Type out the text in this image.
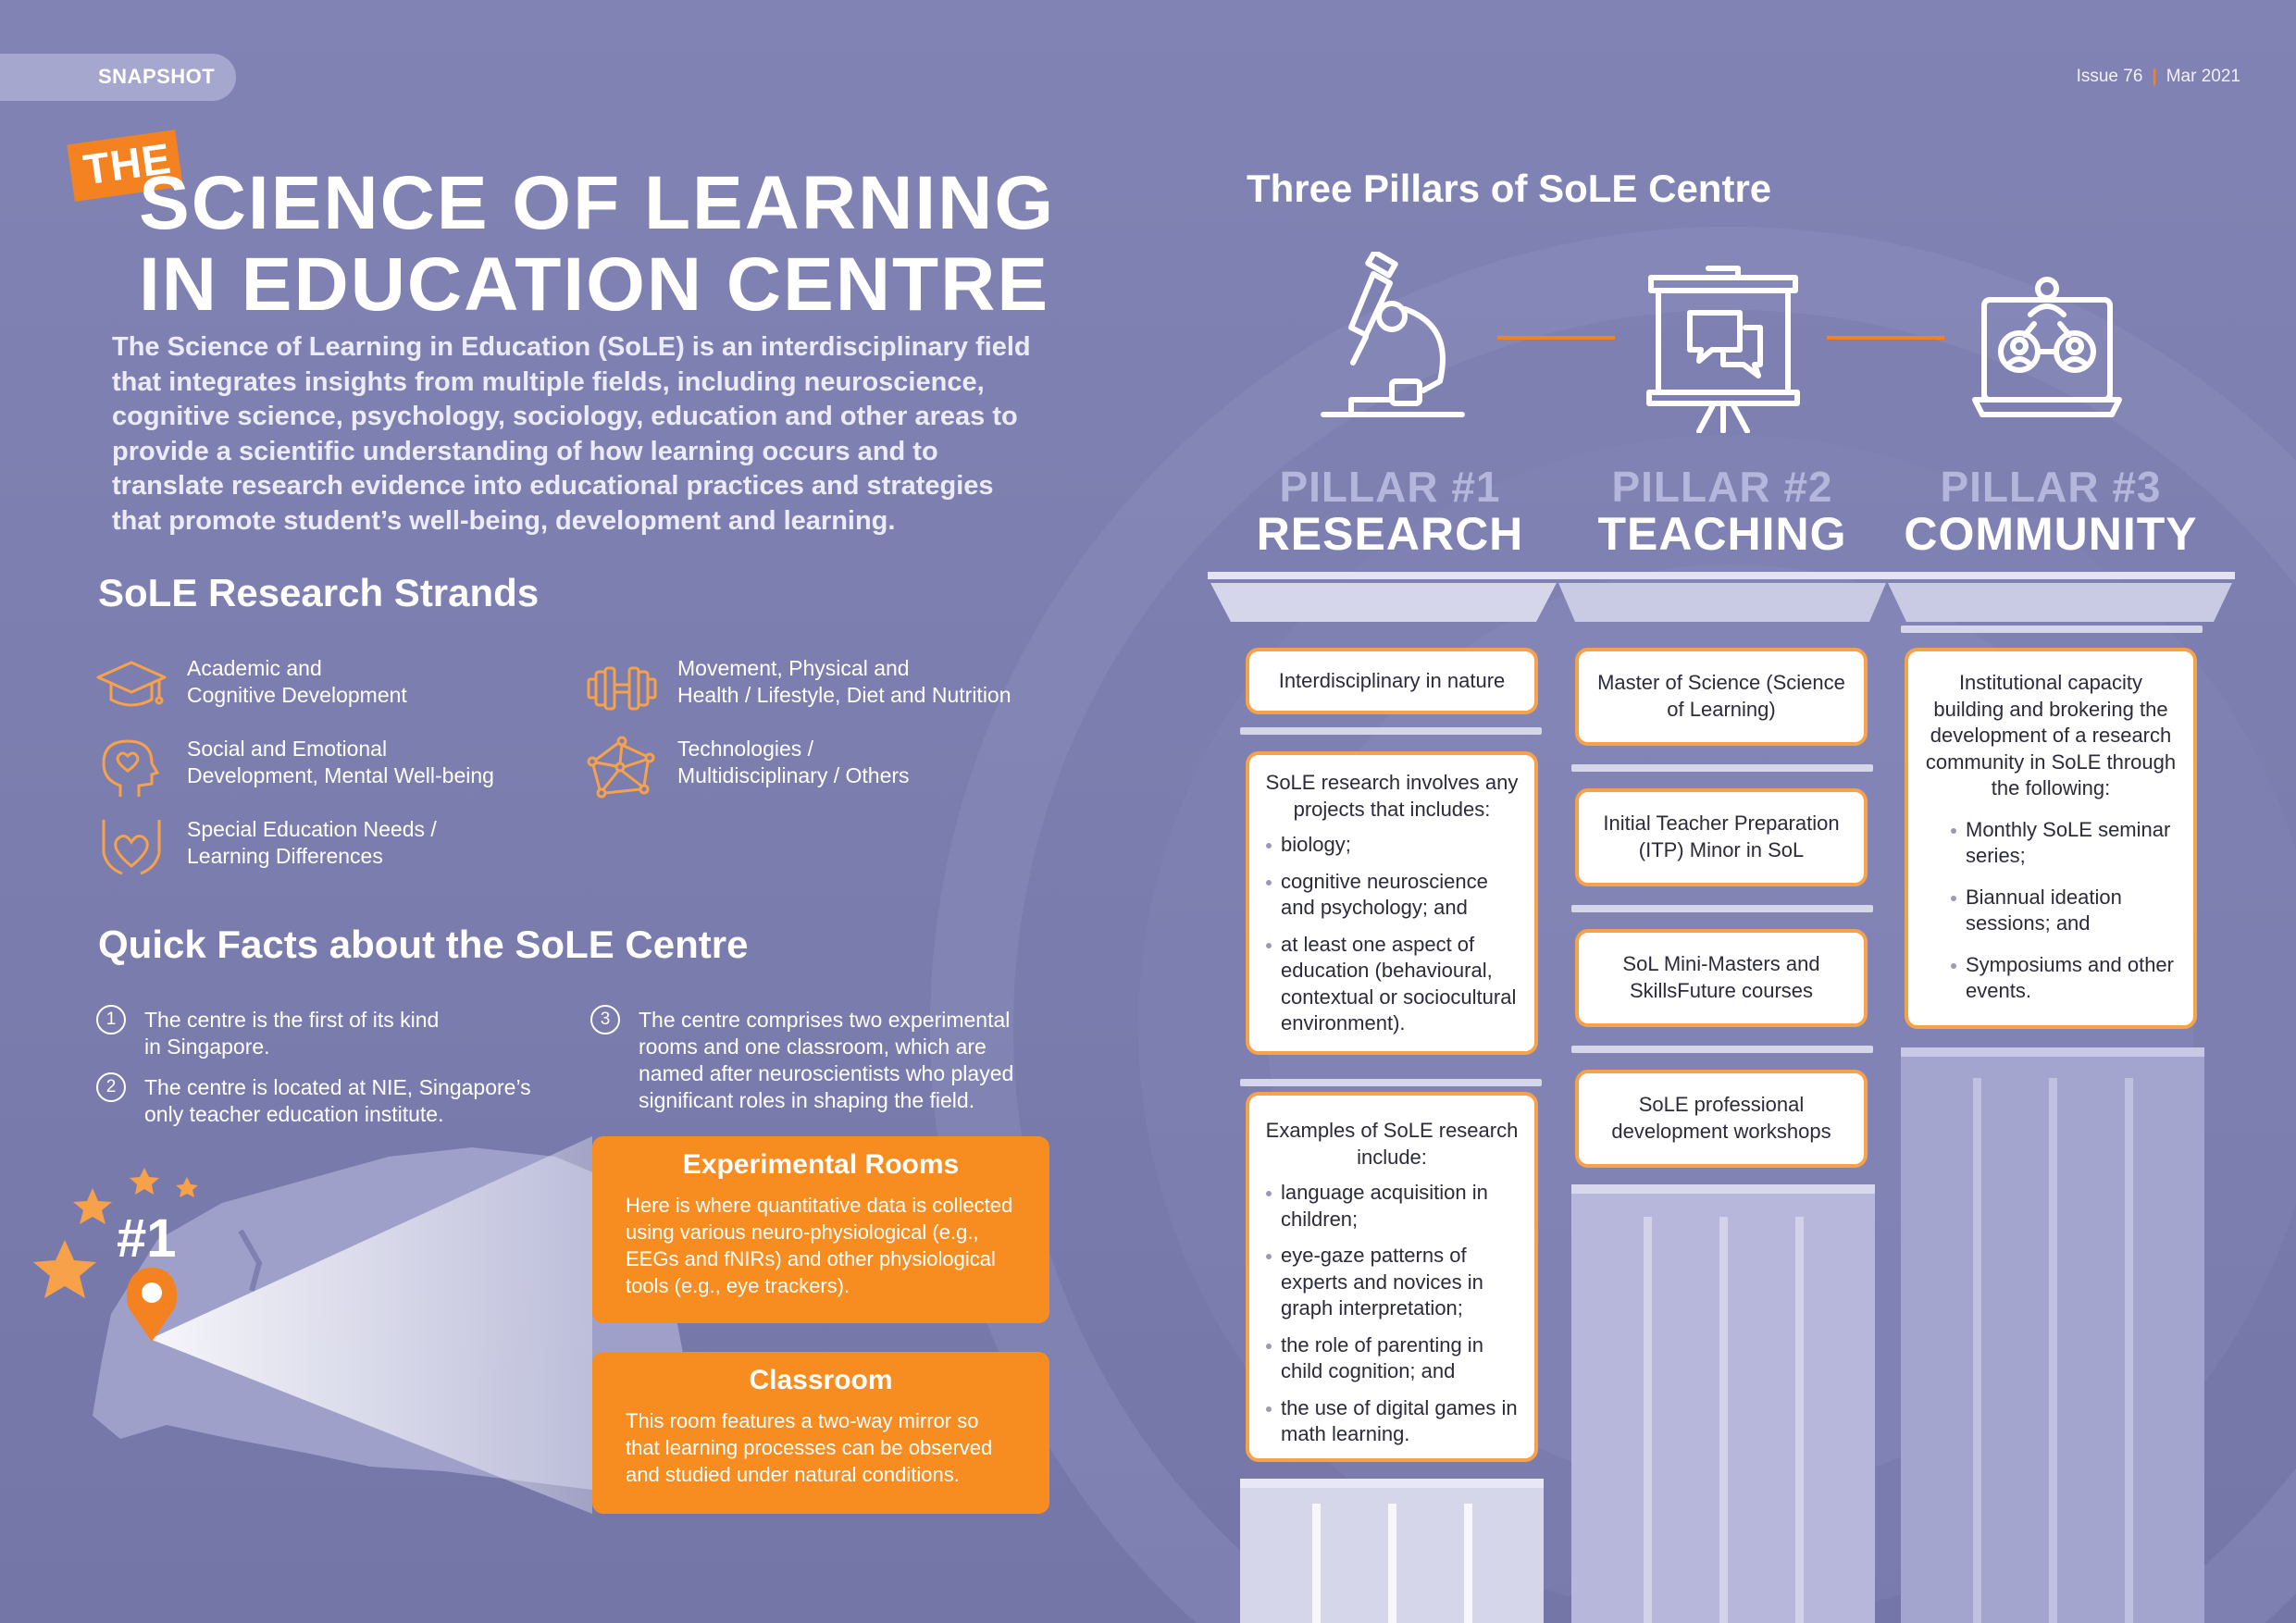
SNAPSHOT	Issue 76 | Mar 2021
THE
SCIENCE OF LEARNING
IN EDUCATION CENTRE
The Science of Learning in Education (SoLE) is an interdisciplinary field that integrates insights from multiple fields, including neuroscience, cognitive science, psychology, sociology, education and other areas to provide a scientific understanding of how learning occurs and to translate research evidence into educational practices and strategies that promote student’s well-being, development and learning.
SoLE Research Strands
Academic and
Cognitive Development
Social and Emotional
Development, Mental Well-being
Special Education Needs /
Learning Differences
Movement, Physical and
Health / Lifestyle, Diet and Nutrition
Technologies /
Multidisciplinary / Others
Quick Facts about the SoLE Centre
1	The centre is the first of its kind
in Singapore.
2	The centre is located at NIE, Singapore’s
only teacher education institute.
3	The centre comprises two experimental
rooms and one classroom, which are
named after neuroscientists who played
significant roles in shaping the field.
#1
Experimental Rooms
Here is where quantitative data is collected using various neuro-physiological (e.g., EEGs and fNIRs) and other physiological tools (e.g., eye trackers).
Classroom
This room features a two-way mirror so that learning processes can be observed and studied under natural conditions.
Three Pillars of SoLE Centre
PILLAR #1
RESEARCH
PILLAR #2
TEACHING
PILLAR #3
COMMUNITY
Interdisciplinary in nature
SoLE research involves any projects that includes:
biology;
cognitive neuroscience and psychology; and
at least one aspect of education (behavioural, contextual or sociocultural environment).
Examples of SoLE research include:
language acquisition in children;
eye-gaze patterns of experts and novices in graph interpretation;
the role of parenting in child cognition; and
the use of digital games in math learning.
Master of Science (Science of Learning)
Initial Teacher Preparation (ITP) Minor in SoL
SoL Mini-Masters and SkillsFuture courses
SoLE professional development workshops
Institutional capacity building and brokering the development of a research community in SoLE through the following:
Monthly SoLE seminar series;
Biannual ideation sessions; and
Symposiums and other events.
